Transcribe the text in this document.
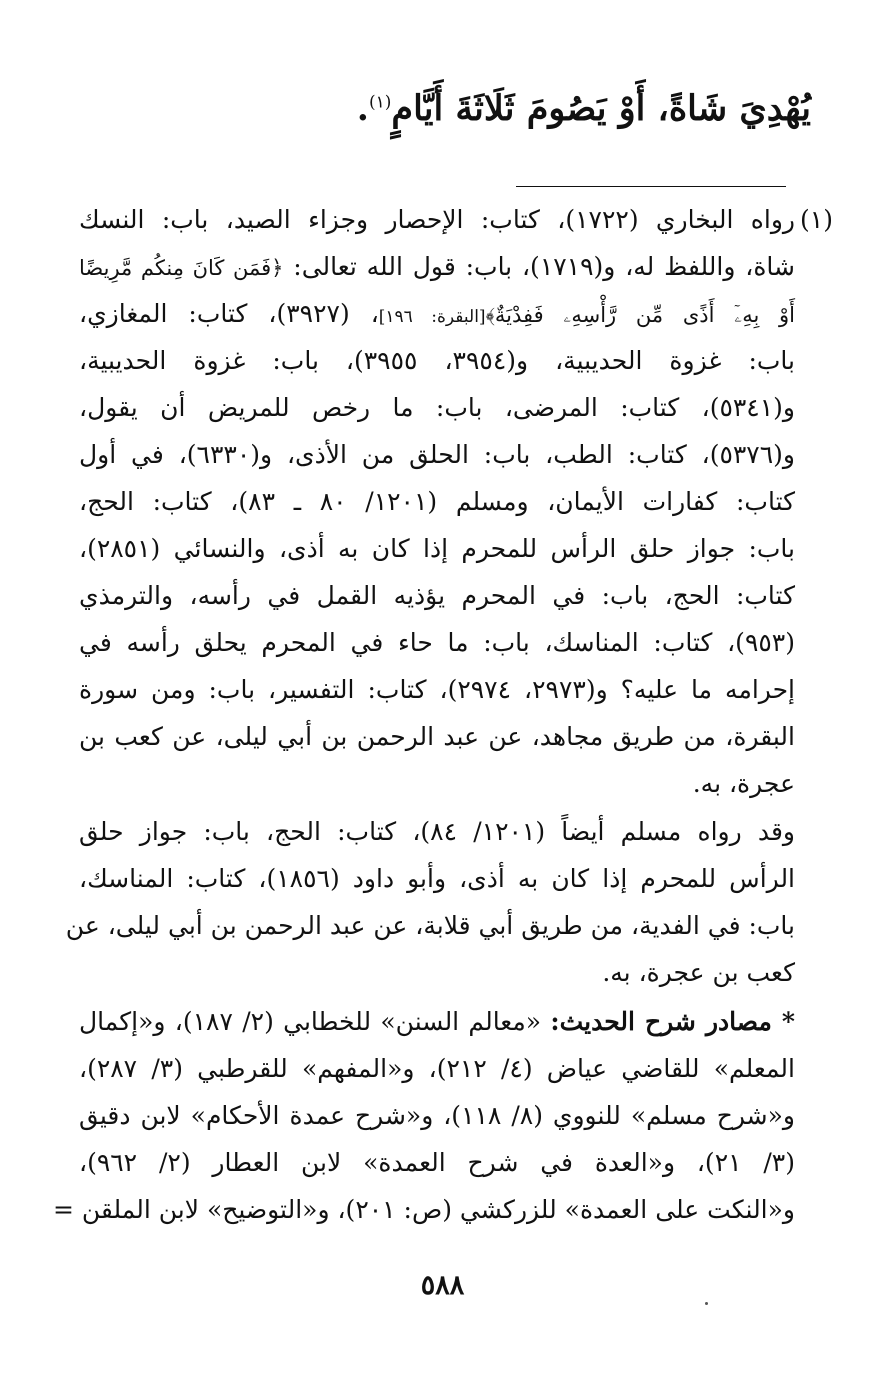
يُهْدِيَ شَاةً، أَوْ يَصُومَ ثَلَاثَةَ أَيَّامٍ$^{(١)}$.
(١)
رواه البخاري (١٧٢٢)، كتاب: الإحصار وجزاء الصيد، باب: النسك
شاة، واللفظ له، و(١٧١٩)، باب: قول الله تعالى: ﴿فَمَن كَانَ مِنكُم مَّرِيضًا
أَوْ بِهِۦٓ أَذًى مِّن رَّأْسِهِۦ فَفِدْيَةٌ﴾[البقرة: ١٩٦]، (٣٩٢٧)، كتاب: المغازي،
باب: غزوة الحديبية، و(٣٩٥٤، ٣٩٥٥)، باب: غزوة الحديبية،
و(٥٣٤١)، كتاب: المرضى، باب: ما رخص للمريض أن يقول،
و(٥٣٧٦)، كتاب: الطب، باب: الحلق من الأذى، و(٦٣٣٠)، في أول
كتاب: كفارات الأيمان، ومسلم (١٢٠١/ ٨٠ ـ ٨٣)، كتاب: الحج،
باب: جواز حلق الرأس للمحرم إذا كان به أذى، والنسائي (٢٨٥١)،
كتاب: الحج، باب: في المحرم يؤذيه القمل في رأسه، والترمذي
(٩٥٣)، كتاب: المناسك، باب: ما حاء في المحرم يحلق رأسه في
إحرامه ما عليه؟ و(٢٩٧٣، ٢٩٧٤)، كتاب: التفسير، باب: ومن سورة
البقرة، من طريق مجاهد، عن عبد الرحمن بن أبي ليلى، عن كعب بن
عجرة، به.
وقد رواه مسلم أيضاً (١٢٠١/ ٨٤)، كتاب: الحج، باب: جواز حلق
الرأس للمحرم إذا كان به أذى، وأبو داود (١٨٥٦)، كتاب: المناسك،
باب: في الفدية، من طريق أبي قلابة، عن عبد الرحمن بن أبي ليلى، عن
كعب بن عجرة، به.
* مصادر شرح الحديث: «معالم السنن» للخطابي (٢/ ١٨٧)، و«إكمال
المعلم» للقاضي عياض (٤/ ٢١٢)، و«المفهم» للقرطبي (٣/ ٢٨٧)،
و«شرح مسلم» للنووي (٨/ ١١٨)، و«شرح عمدة الأحكام» لابن دقيق
(٣/ ٢١)، و«العدة في شرح العمدة» لابن العطار (٢/ ٩٦٢)،
و«النكت على العمدة» للزركشي (ص: ٢٠١)، و«التوضيح» لابن الملقن =
٥٨٨
